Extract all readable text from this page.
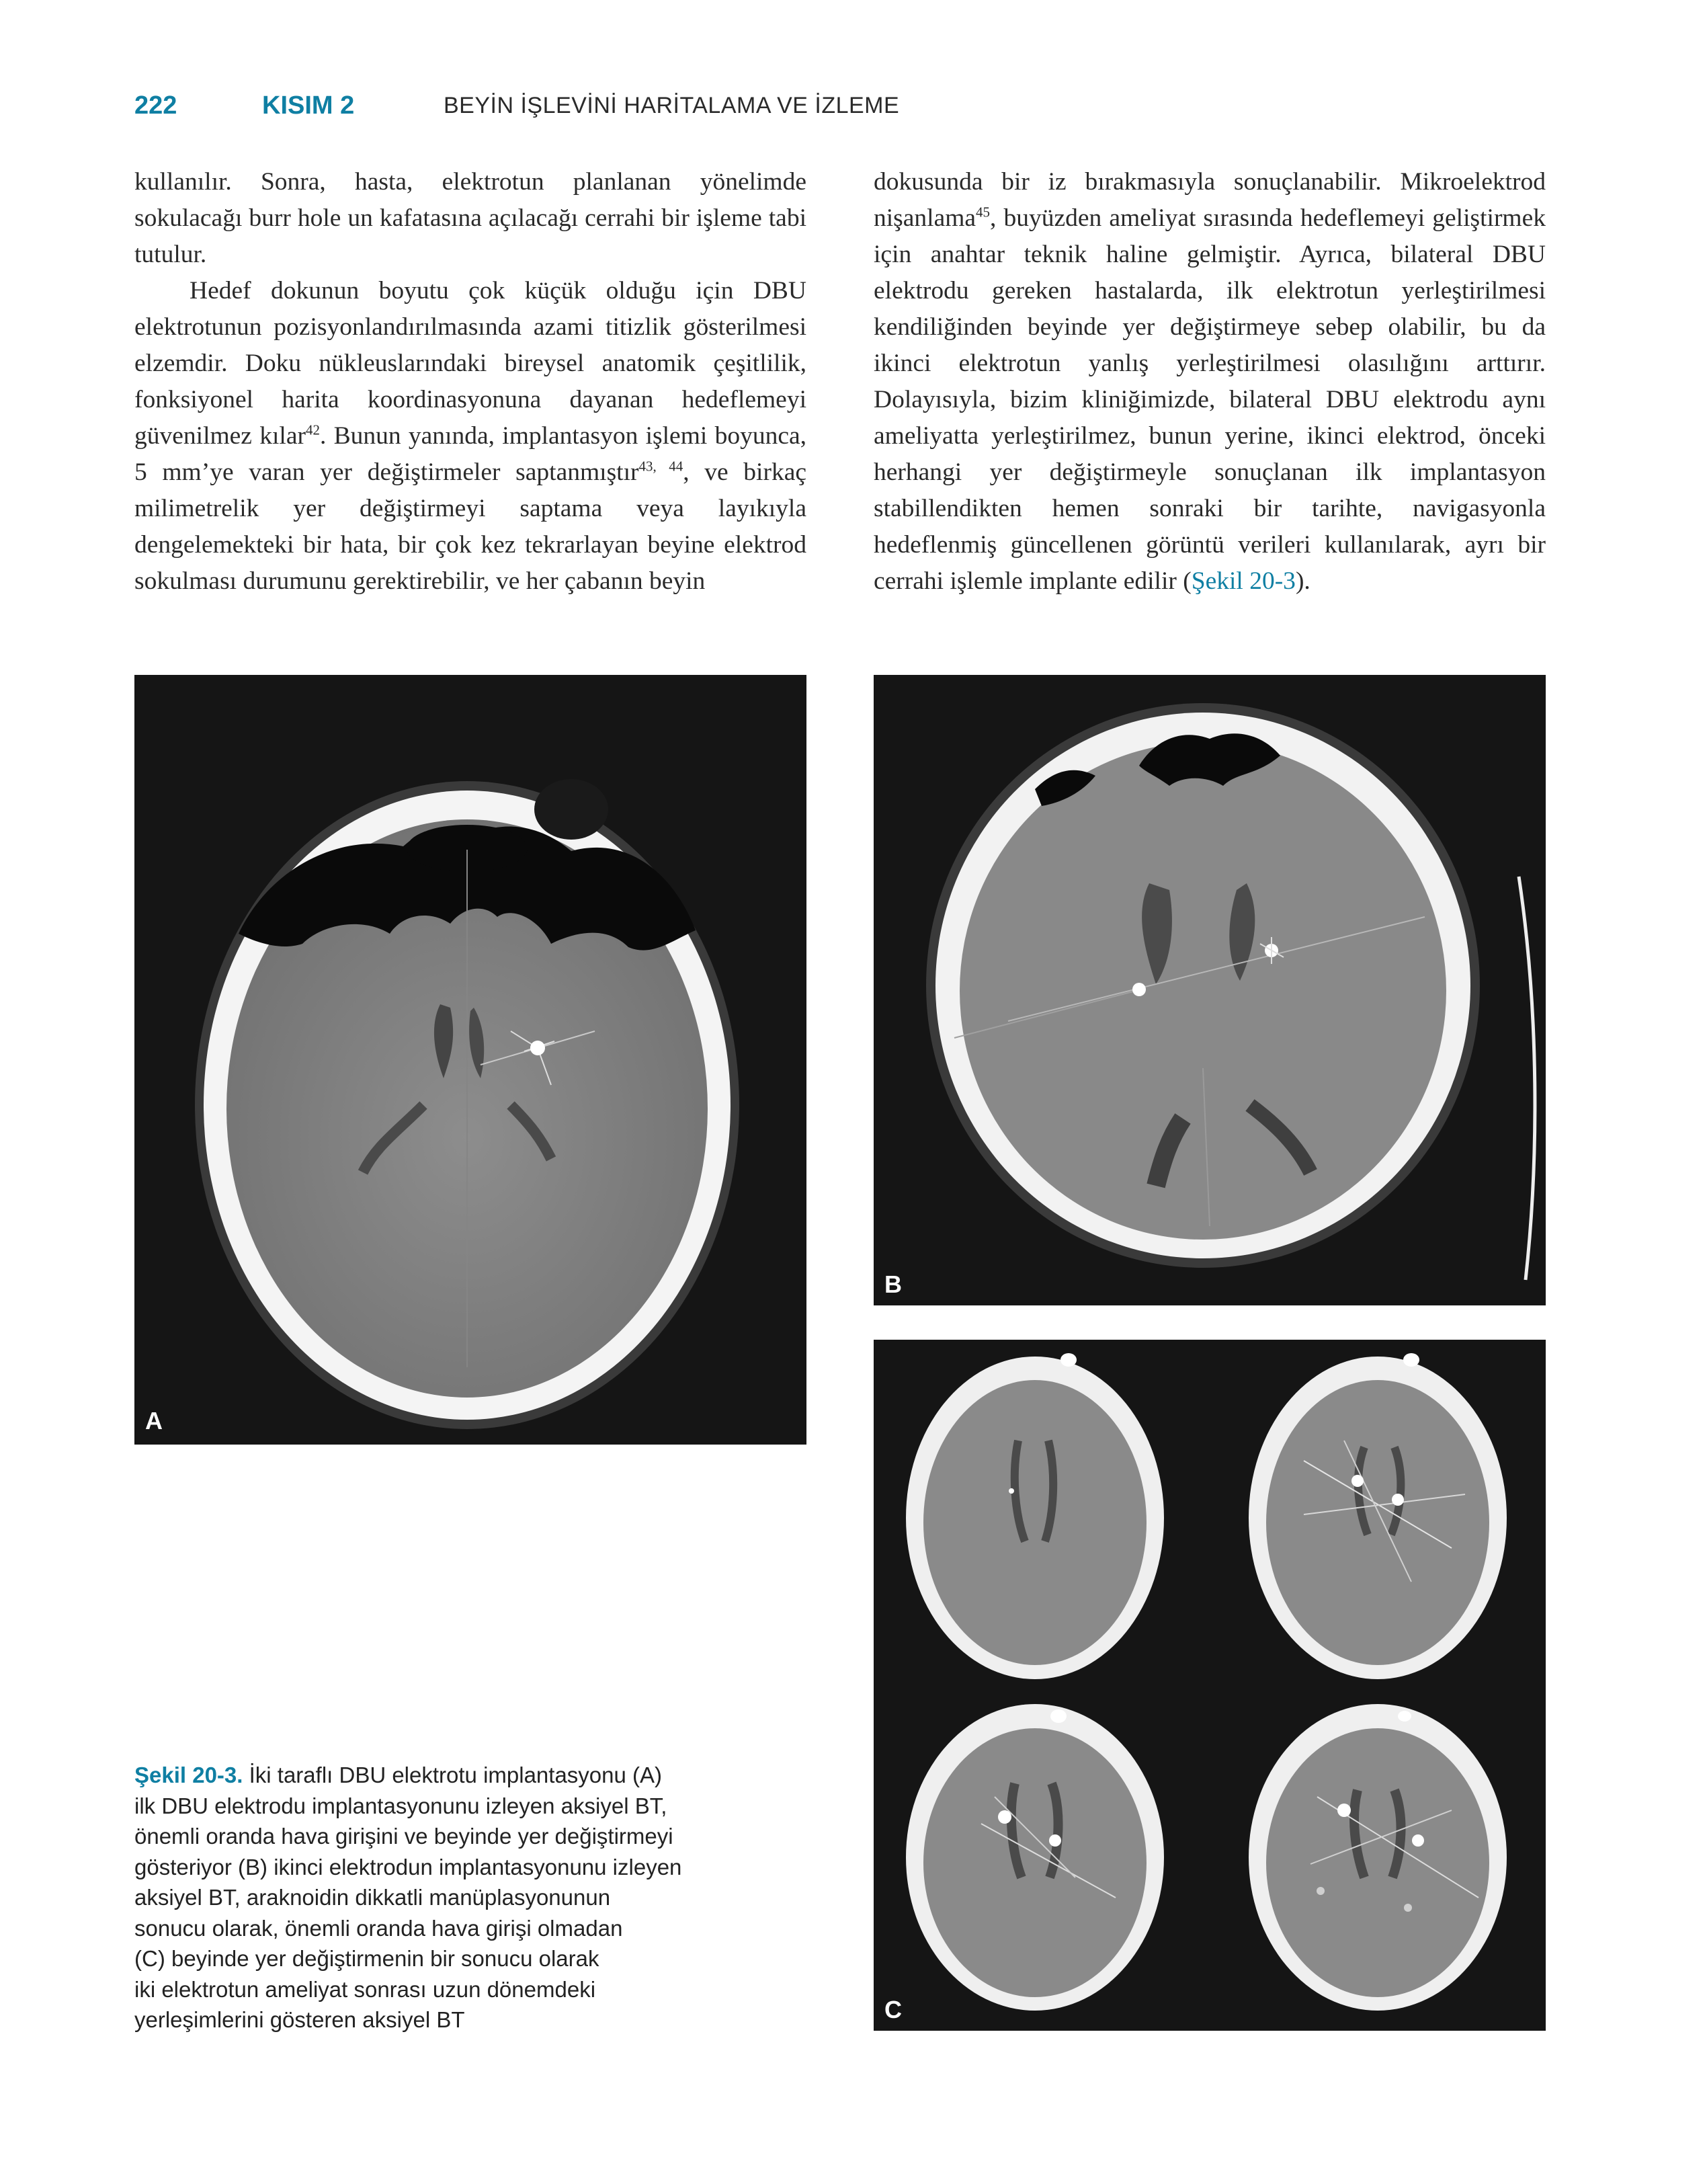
222	KISIM 2	BEYİN İŞLEVİNİ HARİTALAMA VE İZLEME

kullanılır. Sonra, hasta, elektrotun planlanan yönelimde sokulacağı burr hole un kafatasına açılacağı cerrahi bir işleme tabi tutulur.

Hedef dokunun boyutu çok küçük olduğu için DBU elektrotunun pozisyonlandırılmasında azami titizlik gösterilmesi elzemdir. Doku nükleuslarındaki bireysel anatomik çeşitlilik, fonksiyonel harita koordinasyonuna dayanan hedeflemeyi güvenilmez kılar$^{42}$. Bunun yanında, implantasyon işlemi boyunca, 5 mm’ye varan yer değiştirmeler saptanmıştır$^{43, 44}$, ve birkaç milimetrelik yer değiştirmeyi saptama veya layıkıyla dengelemekteki bir hata, bir çok kez tekrarlayan beyine elektrod sokulması durumunu gerektirebilir, ve her çabanın beyin

dokusunda bir iz bırakmasıyla sonuçlanabilir. Mikroelektrod nişanlama$^{45}$, buyüzden ameliyat sırasında hedeflemeyi geliştirmek için anahtar teknik haline gelmiştir. Ayrıca, bilateral DBU elektrodu gereken hastalarda, ilk elektrotun yerleştirilmesi kendiliğinden beyinde yer değiştirmeye sebep olabilir, bu da ikinci elektrotun yanlış yerleştirilmesi olasılığını arttırır. Dolayısıyla, bizim kliniğimizde, bilateral DBU elektrodu aynı ameliyatta yerleştirilmez, bunun yerine, ikinci elektrod, önceki herhangi yer değiştirmeyle sonuçlanan ilk implantasyon stabillendikten hemen sonraki bir tarihte, navigasyonla hedeflenmiş güncellenen görüntü verileri kullanılarak, ayrı bir cerrahi işlemle implante edilir (Şekil 20-3).

A
B
C
Şekil 20-3. İki taraflı DBU elektrotu implantasyonu (A)
ilk DBU elektrodu implantasyonunu izleyen aksiyel BT,
önemli oranda hava girişini ve beyinde yer değiştirmeyi
gösteriyor (B) ikinci elektrodun implantasyonunu izleyen
aksiyel BT, araknoidin dikkatli manüplasyonunun
sonucu olarak, önemli oranda hava girişi olmadan
(C) beyinde yer değiştirmenin bir sonucu olarak
iki elektrotun ameliyat sonrası uzun dönemdeki
yerleşimlerini gösteren aksiyel BT
